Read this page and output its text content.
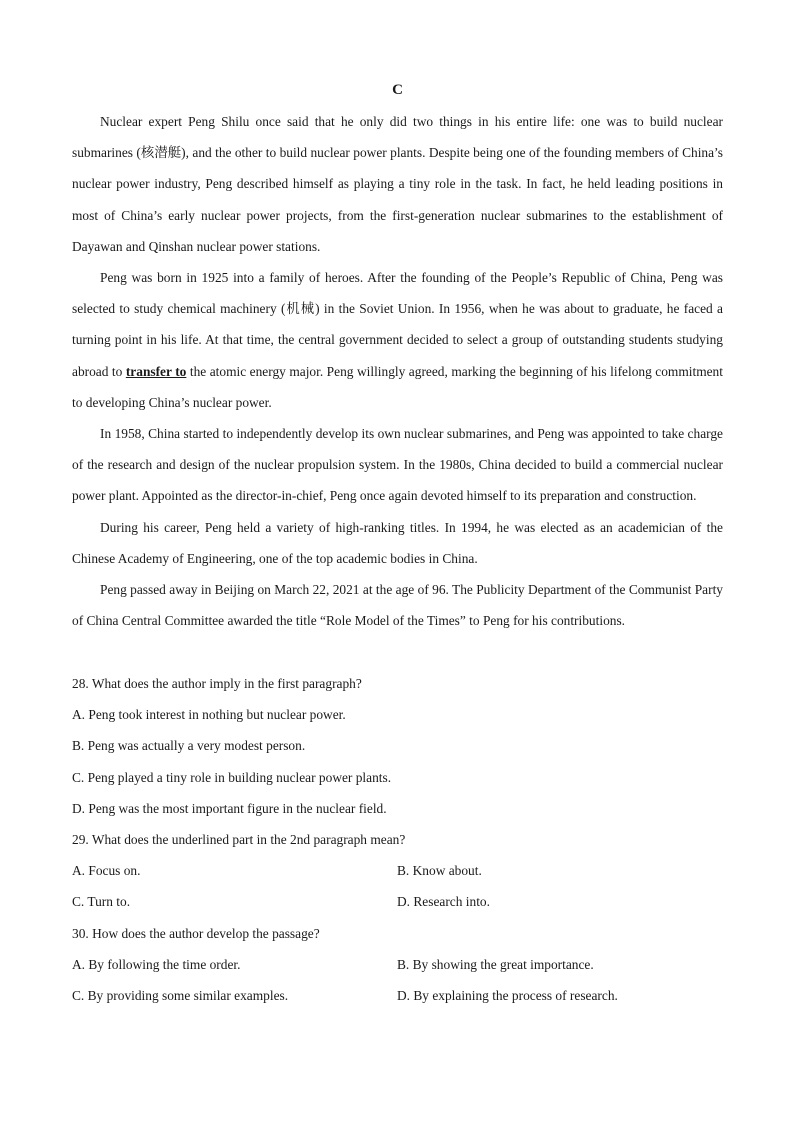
C

Nuclear expert Peng Shilu once said that he only did two things in his entire life: one was to build nuclear submarines (核潜艇), and the other to build nuclear power plants. Despite being one of the founding members of China’s nuclear power industry, Peng described himself as playing a tiny role in the task. In fact, he held leading positions in most of China’s early nuclear power projects, from the first-generation nuclear submarines to the establishment of Dayawan and Qinshan nuclear power stations.

Peng was born in 1925 into a family of heroes. After the founding of the People’s Republic of China, Peng was selected to study chemical machinery (机械) in the Soviet Union. In 1956, when he was about to graduate, he faced a turning point in his life. At that time, the central government decided to select a group of outstanding students studying abroad to transfer to the atomic energy major. Peng willingly agreed, marking the beginning of his lifelong commitment to developing China’s nuclear power.

In 1958, China started to independently develop its own nuclear submarines, and Peng was appointed to take charge of the research and design of the nuclear propulsion system. In the 1980s, China decided to build a commercial nuclear power plant. Appointed as the director-in-chief, Peng once again devoted himself to its preparation and construction.

During his career, Peng held a variety of high-ranking titles. In 1994, he was elected as an academician of the Chinese Academy of Engineering, one of the top academic bodies in China.

Peng passed away in Beijing on March 22, 2021 at the age of 96. The Publicity Department of the Communist Party of China Central Committee awarded the title “Role Model of the Times” to Peng for his contributions.

28. What does the author imply in the first paragraph?

A. Peng took interest in nothing but nuclear power.

B. Peng was actually a very modest person.

C. Peng played a tiny role in building nuclear power plants.

D. Peng was the most important figure in the nuclear field.

29. What does the underlined part in the 2nd paragraph mean?

A. Focus on.	B. Know about.
C. Turn to.	D. Research into.

30. How does the author develop the passage?

A. By following the time order.	B. By showing the great importance.
C. By providing some similar examples.	D. By explaining the process of research.
